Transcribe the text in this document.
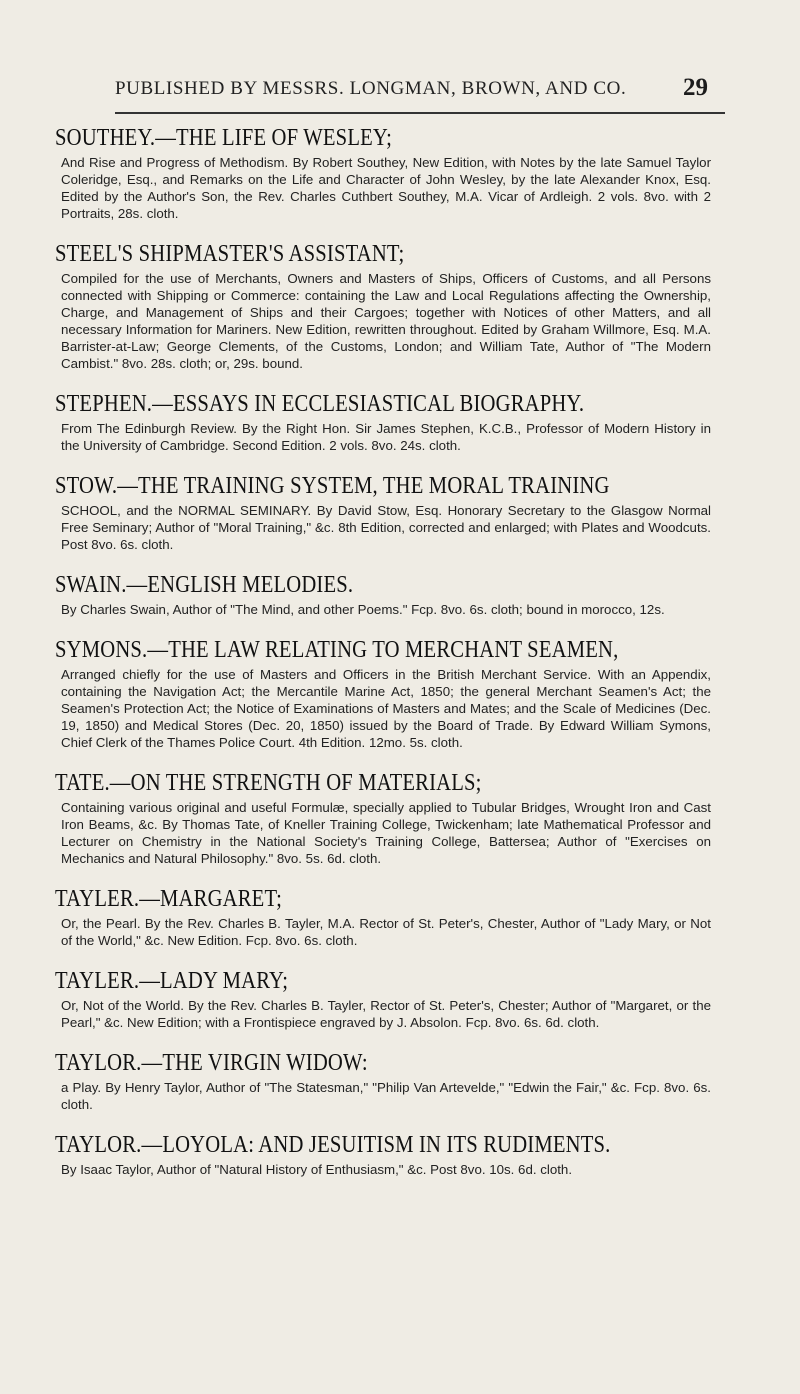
PUBLISHED BY MESSRS. LONGMAN, BROWN, AND CO.	29
SOUTHEY.—THE LIFE OF WESLEY;
And Rise and Progress of Methodism. By Robert Southey, New Edition, with Notes by the late Samuel Taylor Coleridge, Esq., and Remarks on the Life and Character of John Wesley, by the late Alexander Knox, Esq. Edited by the Author's Son, the Rev. Charles Cuthbert Southey, M.A. Vicar of Ardleigh. 2 vols. 8vo. with 2 Portraits, 28s. cloth.
STEEL'S SHIPMASTER'S ASSISTANT;
Compiled for the use of Merchants, Owners and Masters of Ships, Officers of Customs, and all Persons connected with Shipping or Commerce: containing the Law and Local Regulations affecting the Ownership, Charge, and Management of Ships and their Cargoes; together with Notices of other Matters, and all necessary Information for Mariners. New Edition, rewritten throughout. Edited by Graham Willmore, Esq. M.A. Barrister-at-Law; George Clements, of the Customs, London; and William Tate, Author of "The Modern Cambist." 8vo. 28s. cloth; or, 29s. bound.
STEPHEN.—ESSAYS IN ECCLESIASTICAL BIOGRAPHY.
From The Edinburgh Review. By the Right Hon. Sir James Stephen, K.C.B., Professor of Modern History in the University of Cambridge. Second Edition. 2 vols. 8vo. 24s. cloth.
STOW.—THE TRAINING SYSTEM, THE MORAL TRAINING
SCHOOL, and the NORMAL SEMINARY. By David Stow, Esq. Honorary Secretary to the Glasgow Normal Free Seminary; Author of "Moral Training," &c. 8th Edition, corrected and enlarged; with Plates and Woodcuts. Post 8vo. 6s. cloth.
SWAIN.—ENGLISH MELODIES.
By Charles Swain, Author of "The Mind, and other Poems." Fcp. 8vo. 6s. cloth; bound in morocco, 12s.
SYMONS.—THE LAW RELATING TO MERCHANT SEAMEN,
Arranged chiefly for the use of Masters and Officers in the British Merchant Service. With an Appendix, containing the Navigation Act; the Mercantile Marine Act, 1850; the general Merchant Seamen's Act; the Seamen's Protection Act; the Notice of Examinations of Masters and Mates; and the Scale of Medicines (Dec. 19, 1850) and Medical Stores (Dec. 20, 1850) issued by the Board of Trade. By Edward William Symons, Chief Clerk of the Thames Police Court. 4th Edition. 12mo. 5s. cloth.
TATE.—ON THE STRENGTH OF MATERIALS;
Containing various original and useful Formulæ, specially applied to Tubular Bridges, Wrought Iron and Cast Iron Beams, &c. By Thomas Tate, of Kneller Training College, Twickenham; late Mathematical Professor and Lecturer on Chemistry in the National Society's Training College, Battersea; Author of "Exercises on Mechanics and Natural Philosophy." 8vo. 5s. 6d. cloth.
TAYLER.—MARGARET;
Or, the Pearl. By the Rev. Charles B. Tayler, M.A. Rector of St. Peter's, Chester, Author of "Lady Mary, or Not of the World," &c. New Edition. Fcp. 8vo. 6s. cloth.
TAYLER.—LADY MARY;
Or, Not of the World. By the Rev. Charles B. Tayler, Rector of St. Peter's, Chester; Author of "Margaret, or the Pearl," &c. New Edition; with a Frontispiece engraved by J. Absolon. Fcp. 8vo. 6s. 6d. cloth.
TAYLOR.—THE VIRGIN WIDOW:
a Play. By Henry Taylor, Author of "The Statesman," "Philip Van Artevelde," "Edwin the Fair," &c. Fcp. 8vo. 6s. cloth.
TAYLOR.—LOYOLA: AND JESUITISM IN ITS RUDIMENTS.
By Isaac Taylor, Author of "Natural History of Enthusiasm," &c. Post 8vo. 10s. 6d. cloth.
